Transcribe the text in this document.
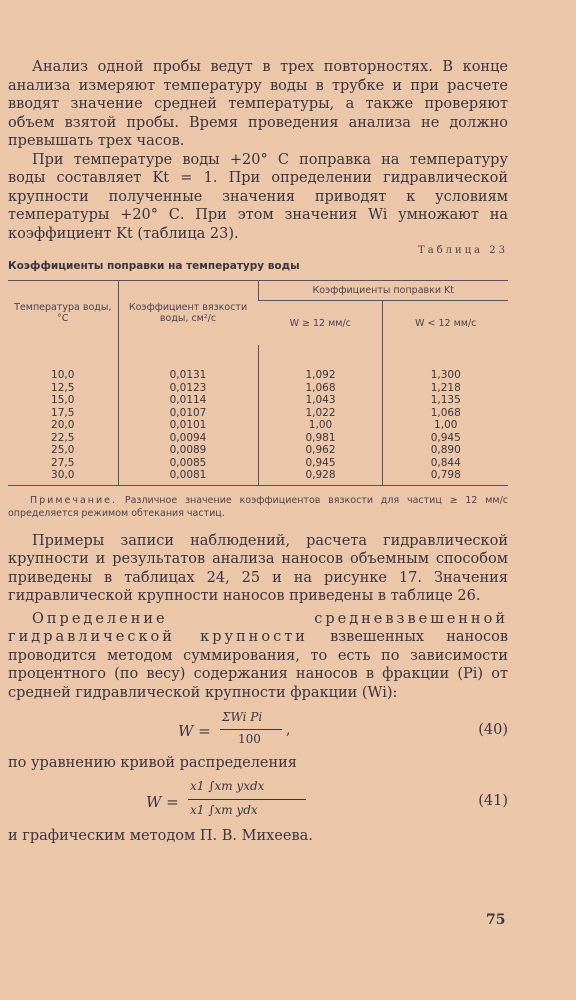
Анализ одной пробы ведут в трех повторностях. В конце анализа измеряют температуру воды в трубке и при расчете вводят значение средней температуры, а также проверяют объем взятой пробы. Время проведения анализа не должно превышать трех часов.

При температуре воды +20° С поправка на температуру воды составляет Kt = 1. При определении гидравлической крупности полученные значения приводят к условиям температуры +20° С. При этом значения Wi умножают на коэффициент Kt (таблица 23).

Таблица 23
Коэффициенты поправки на температуру воды
Температура воды, °С	Коэффициент вязкости воды, см²/с	Коэффициенты поправки Kt	
		W ≥ 12 мм/с	W < 12 мм/с

10,0	0,0131	1,092	1,300
12,5	0,0123	1,068	1,218
15,0	0,0114	1,043	1,135
17,5	0,0107	1,022	1,068
20,0	0,0101	1,00	1,00
22,5	0,0094	0,981	0,945
25,0	0,0089	0,962	0,890
27,5	0,0085	0,945	0,844
30,0	0,0081	0,928	0,798
Примечание. Различное значение коэффициентов вязкости для частиц ≥ 12 мм/с определяется режимом обтекания частиц.

Примеры записи наблюдений, расчета гидравлической крупности и результатов анализа наносов объемным способом приведены в таблицах 24, 25 и на рисунке 17. Значения гидравлической крупности наносов приведены в таблице 26.

Определение средневзвешенной гидравлической крупности взвешенных наносов проводится методом суммирования, то есть по зависимости процентного (по весу) содержания наносов в фракции (Pi) от средней гидравлической крупности фракции (Wi):

W =
ΣWi Pi
100
,	(40)

по уравнению кривой распределения

W =
x1 ∫xm yxdx
x1 ∫xm ydx
(41)

и графическим методом П. В. Михеева.

75
